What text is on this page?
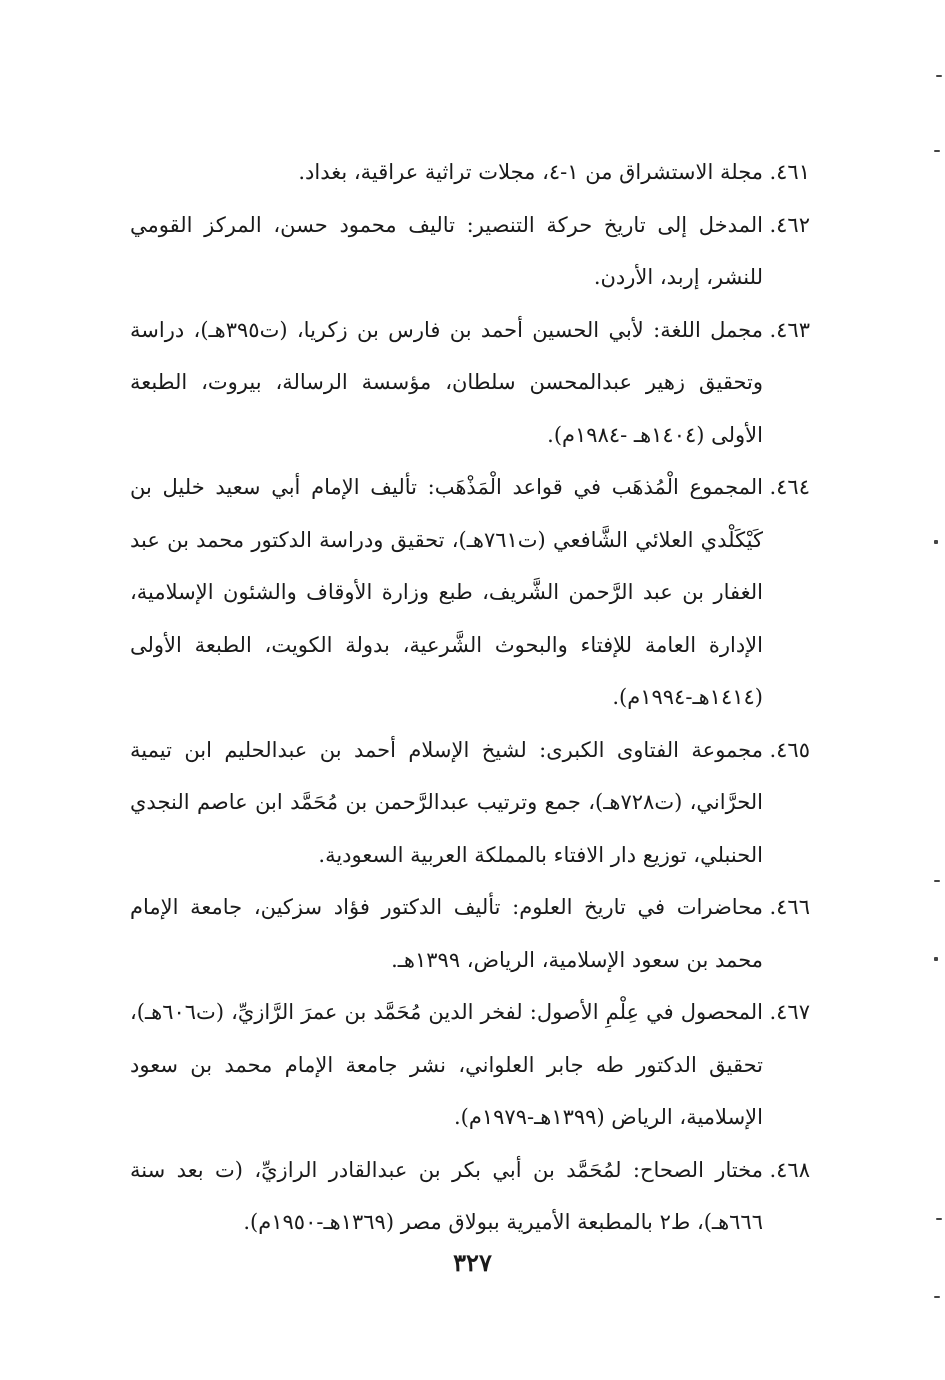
٤٦١.
مجلة الاستشراق من ١-٤، مجلات تراثية عراقية، بغداد.
٤٦٢.
المدخل إلى تاريخ حركة التنصير: تاليف محمود حسن، المركز القومي للنشر، إربد، الأردن.
٤٦٣.
مجمل اللغة: لأبي الحسين أحمد بن فارس بن زكريا، (ت٣٩٥هـ)، دراسة وتحقيق زهير عبدالمحسن سلطان، مؤسسة الرسالة، بيروت، الطبعة الأولى (١٤٠٤هـ -١٩٨٤م).
٤٦٤.
المجموع الْمُذهَب في قواعد الْمَذْهَب: تأليف الإمام أبي سعيد خليل بن كَيْكَلْدي العلائي الشَّافعي (ت٧٦١هـ)، تحقيق ودراسة الدكتور محمد بن عبد الغفار بن عبد الرَّحمن الشَّريف، طبع وزارة الأوقاف والشئون الإسلامية، الإدارة العامة للإفتاء والبحوث الشَّرعية، بدولة الكويت، الطبعة الأولى (١٤١٤هـ-١٩٩٤م).
٤٦٥.
مجموعة الفتاوى الكبرى: لشيخ الإسلام أحمد بن عبدالحليم ابن تيمية الحرَّاني، (ت٧٢٨هـ)، جمع وترتيب عبدالرَّحمن بن مُحَمَّد ابن عاصم النجدي الحنبلي، توزيع دار الافتاء بالمملكة العربية السعودية.
٤٦٦.
محاضرات في تاريخ العلوم: تأليف الدكتور فؤاد سزكين، جامعة الإمام محمد بن سعود الإسلامية، الرياض، ١٣٩٩هـ.
٤٦٧.
المحصول في عِلْمِ الأصول: لفخر الدين مُحَمَّد بن عمرَ الرَّازيِّ، (ت٦٠٦هـ)، تحقيق الدكتور طه جابر العلواني، نشر جامعة الإمام محمد بن سعود الإسلامية، الرياض (١٣٩٩هـ-١٩٧٩م).
٤٦٨.
مختار الصحاح: لمُحَمَّد بن أبي بكر بن عبدالقادر الرازيِّ، (ت بعد سنة ٦٦٦هـ)، ط٢ بالمطبعة الأميرية ببولاق مصر (١٣٦٩هـ-١٩٥٠م).
٣٢٧
